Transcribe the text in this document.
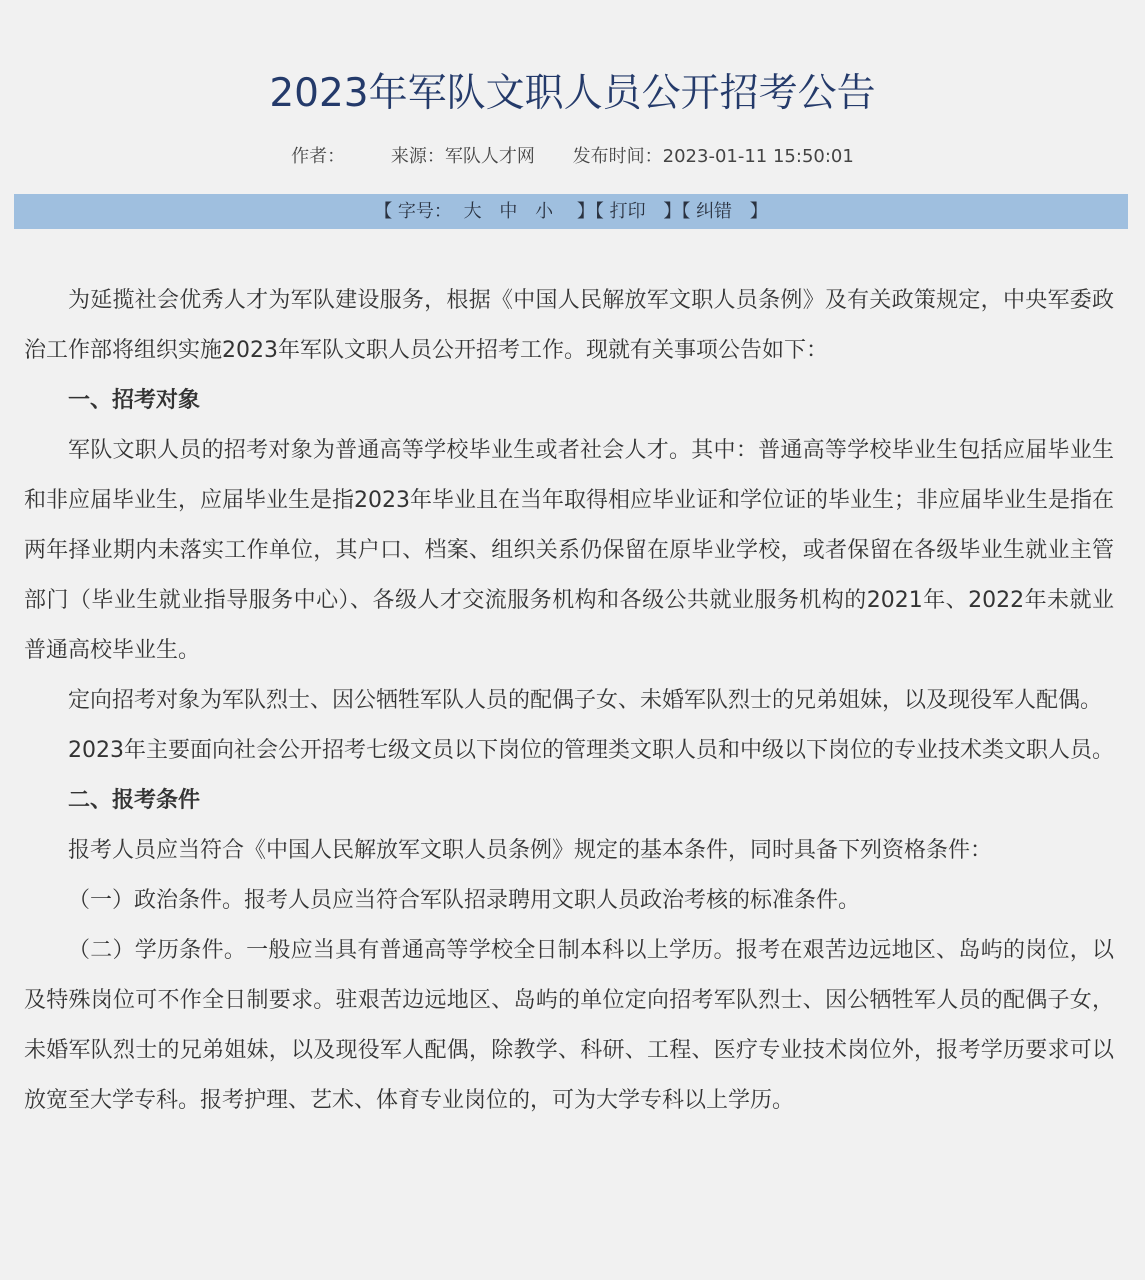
2023年军队文职人员公开招考公告
作者：	来源：军队人才网 发布时间：2023-01-11 15:50:01
【 字号： 大 中 小 】【 打印 】【 纠错 】

为延揽社会优秀人才为军队建设服务，根据《中国人民解放军文职人员条例》及有关政策规定，中央军委政治工作部将组织实施2023年军队文职人员公开招考工作。现就有关事项公告如下：

一、招考对象

军队文职人员的招考对象为普通高等学校毕业生或者社会人才。其中：普通高等学校毕业生包括应届毕业生和非应届毕业生，应届毕业生是指2023年毕业且在当年取得相应毕业证和学位证的毕业生；非应届毕业生是指在两年择业期内未落实工作单位，其户口、档案、组织关系仍保留在原毕业学校，或者保留在各级毕业生就业主管部门（毕业生就业指导服务中心）、各级人才交流服务机构和各级公共就业服务机构的2021年、2022年未就业普通高校毕业生。

定向招考对象为军队烈士、因公牺牲军队人员的配偶子女、未婚军队烈士的兄弟姐妹，以及现役军人配偶。

2023年主要面向社会公开招考七级文员以下岗位的管理类文职人员和中级以下岗位的专业技术类文职人员。

二、报考条件

报考人员应当符合《中国人民解放军文职人员条例》规定的基本条件，同时具备下列资格条件：

（一）政治条件。报考人员应当符合军队招录聘用文职人员政治考核的标准条件。

（二）学历条件。一般应当具有普通高等学校全日制本科以上学历。报考在艰苦边远地区、岛屿的岗位，以及特殊岗位可不作全日制要求。驻艰苦边远地区、岛屿的单位定向招考军队烈士、因公牺牲军人员的配偶子女，未婚军队烈士的兄弟姐妹，以及现役军人配偶，除教学、科研、工程、医疗专业技术岗位外，报考学历要求可以放宽至大学专科。报考护理、艺术、体育专业岗位的，可为大学专科以上学历。
